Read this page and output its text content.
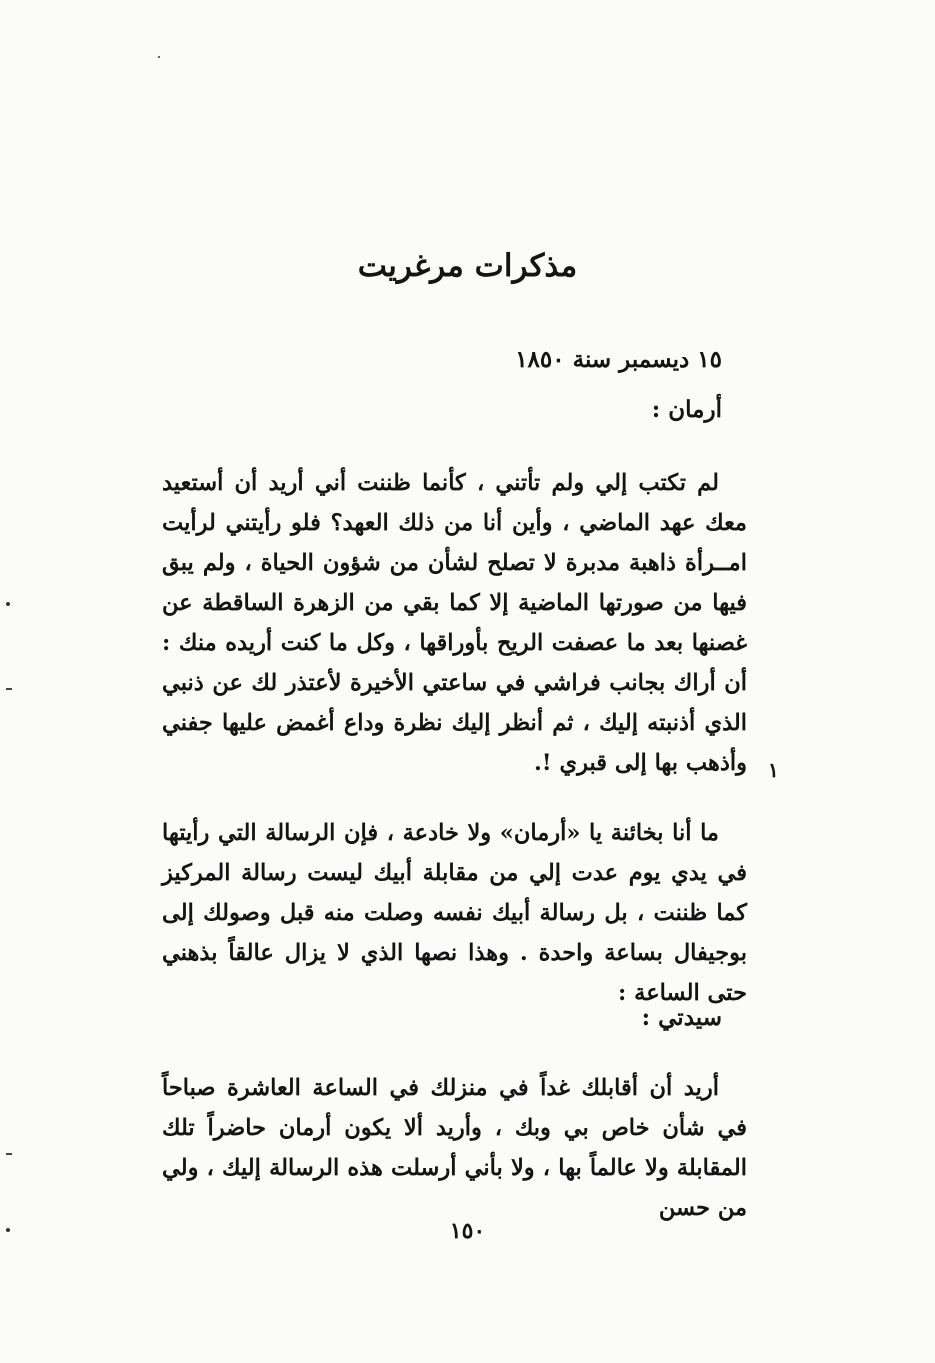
مذكرات مرغريت
١٥ ديسمبر سنة ١٨٥٠
أرمان :
لم تكتب إلي ولم تأتني ، كأنما ظننت أني أريد أن أستعيد معك عهد الماضي ، وأين أنا من ذلك العهد؟ فلو رأيتني لرأيت امــرأة ذاهبة مدبرة لا تصلح لشأن من شؤون الحياة ، ولم يبق فيها من صورتها الماضية إلا كما بقي من الزهرة الساقطة عن غصنها بعد ما عصفت الريح بأوراقها ، وكل ما كنت أريده منك : أن أراك بجانب فراشي في ساعتي الأخيرة لأعتذر لك عن ذنبي الذي أذنبته إليك ، ثم أنظر إليك نظرة وداع أغمض عليها جفني وأذهب بها إلى قبري !. ١
ما أنا بخائنة يا «أرمان» ولا خادعة ، فإن الرسالة التي رأيتها في يدي يوم عدت إلي من مقابلة أبيك ليست رسالة المركيز كما ظننت ، بل رسالة أبيك نفسه وصلت منه قبل وصولك إلى بوجيفال بساعة واحدة . وهذا نصها الذي لا يزال عالقاً بذهني حتى الساعة :
سيدتي :
أريد أن أقابلك غداً في منزلك في الساعة العاشرة صباحاً في شأن خاص بي وبك ، وأريد ألا يكون أرمان حاضراً تلك المقابلة ولا عالماً بها ، ولا بأني أرسلت هذه الرسالة إليك ، ولي من حسن
١٥٠
